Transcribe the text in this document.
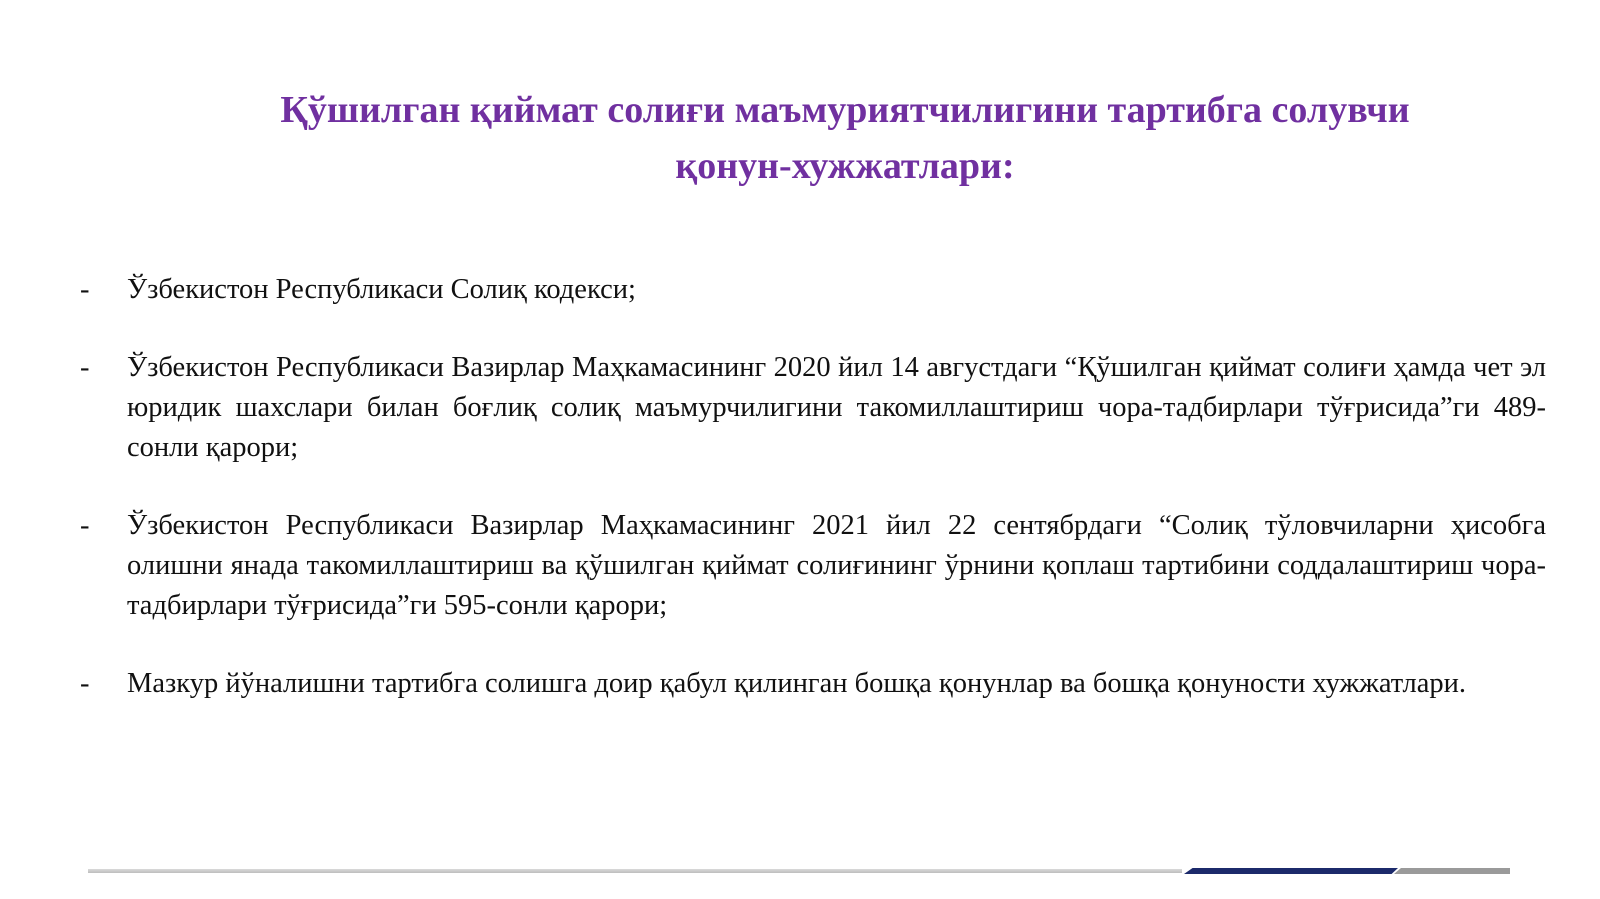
Қўшилган қиймат солиғи маъмуриятчилигини тартибга солувчи
қонун-хужжатлари:
-	Ўзбекистон Республикаси Солиқ кодекси;
-	Ўзбекистон Республикаси Вазирлар Маҳкамасининг 2020 йил 14 августдаги “Қўшилган қиймат солиғи ҳамда чет эл юридик шахслари билан боғлиқ солиқ маъмурчилигини такомиллаштириш чора-тадбирлари тўғрисида”ги 489-сонли қарори;
-	Ўзбекистон Республикаси Вазирлар Маҳкамасининг 2021 йил 22 сентябрдаги “Солиқ тўловчиларни ҳисобга олишни янада такомиллаштириш ва қўшилган қиймат солиғининг ўрнини қоплаш тартибини соддалаштириш чора-тадбирлари тўғрисида”ги 595-сонли қарори;
-	Мазкур йўналишни тартибга солишга доир қабул қилинган бошқа қонунлар ва бошқа қонуности хужжатлари.
